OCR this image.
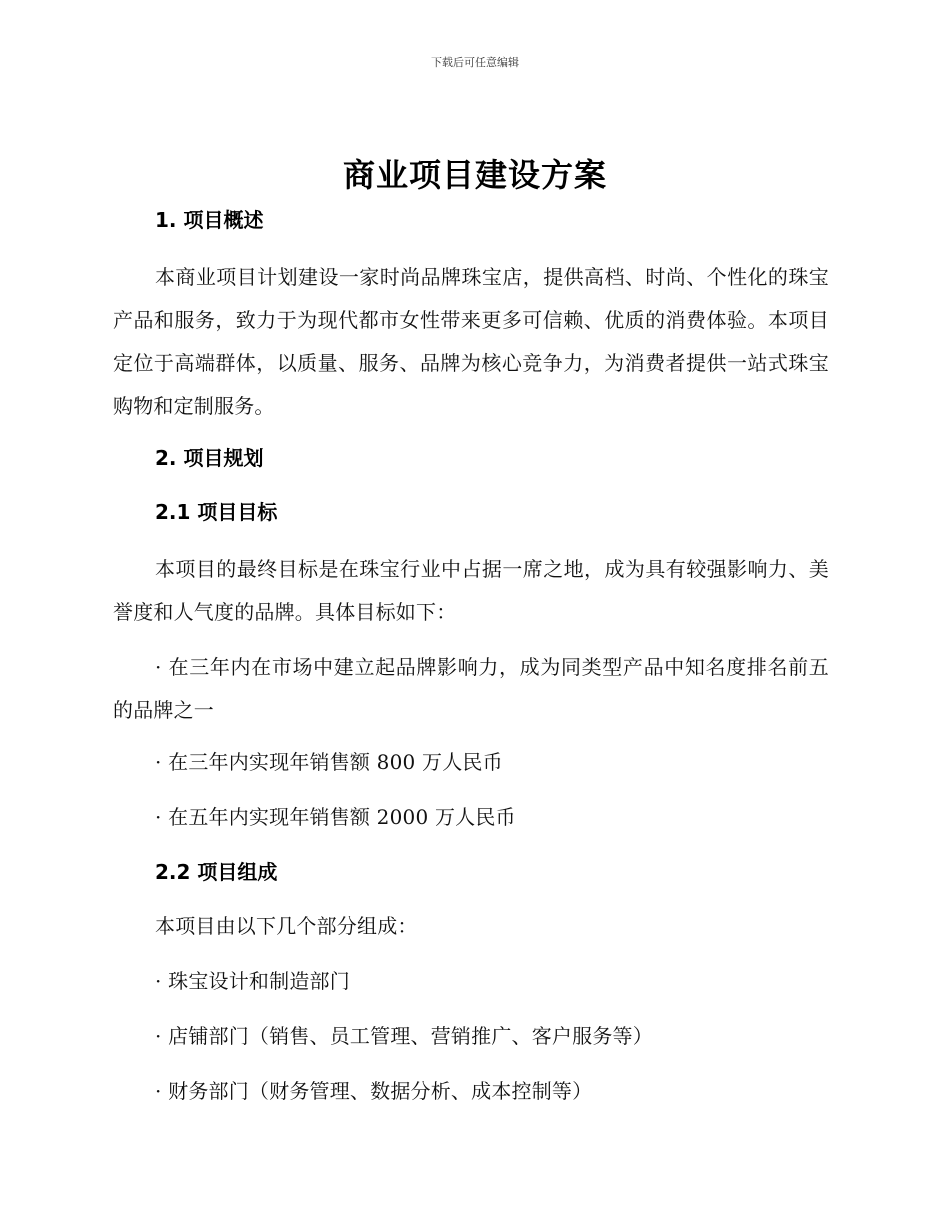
下载后可任意编辑
商业项目建设方案
1. 项目概述
本商业项目计划建设一家时尚品牌珠宝店，提供高档、时尚、个性化的珠宝产品和服务，致力于为现代都市女性带来更多可信赖、优质的消费体验。本项目定位于高端群体，以质量、服务、品牌为核心竞争力，为消费者提供一站式珠宝购物和定制服务。
2. 项目规划
2.1 项目目标
本项目的最终目标是在珠宝行业中占据一席之地，成为具有较强影响力、美誉度和人气度的品牌。具体目标如下：
· 在三年内在市场中建立起品牌影响力，成为同类型产品中知名度排名前五的品牌之一
· 在三年内实现年销售额 800 万人民币
· 在五年内实现年销售额 2000 万人民币
2.2 项目组成
本项目由以下几个部分组成：
· 珠宝设计和制造部门
· 店铺部门（销售、员工管理、营销推广、客户服务等）
· 财务部门（财务管理、数据分析、成本控制等）
